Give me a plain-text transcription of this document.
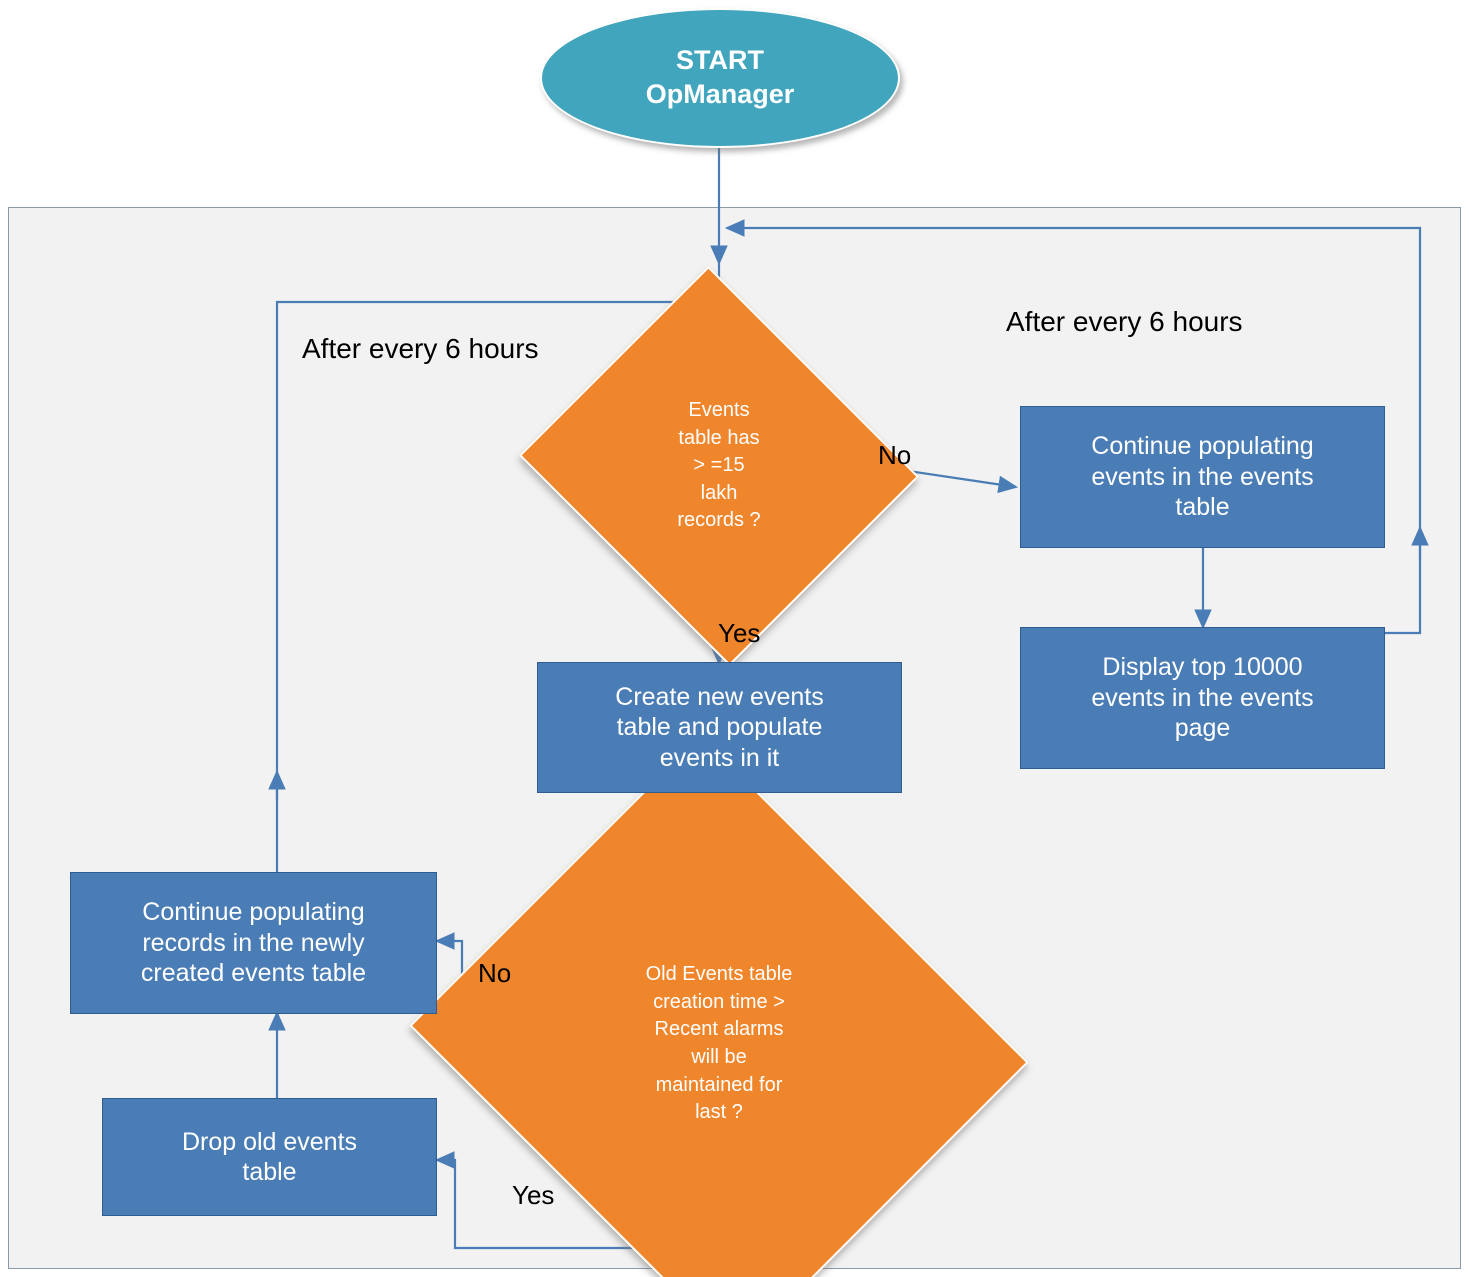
START
OpManager
After every 6 hours
After every 6 hours
Events
table has
> =15
lakh
records ?
Old Events table
creation time >
Recent alarms
will be
maintained for
last ?
Continue populating
events in the events
table
Display top 10000
events in the events
page
Create new events
table and populate
events in it
Continue populating
records in the newly
created events table
Drop old events
table
No
Yes
No
Yes
